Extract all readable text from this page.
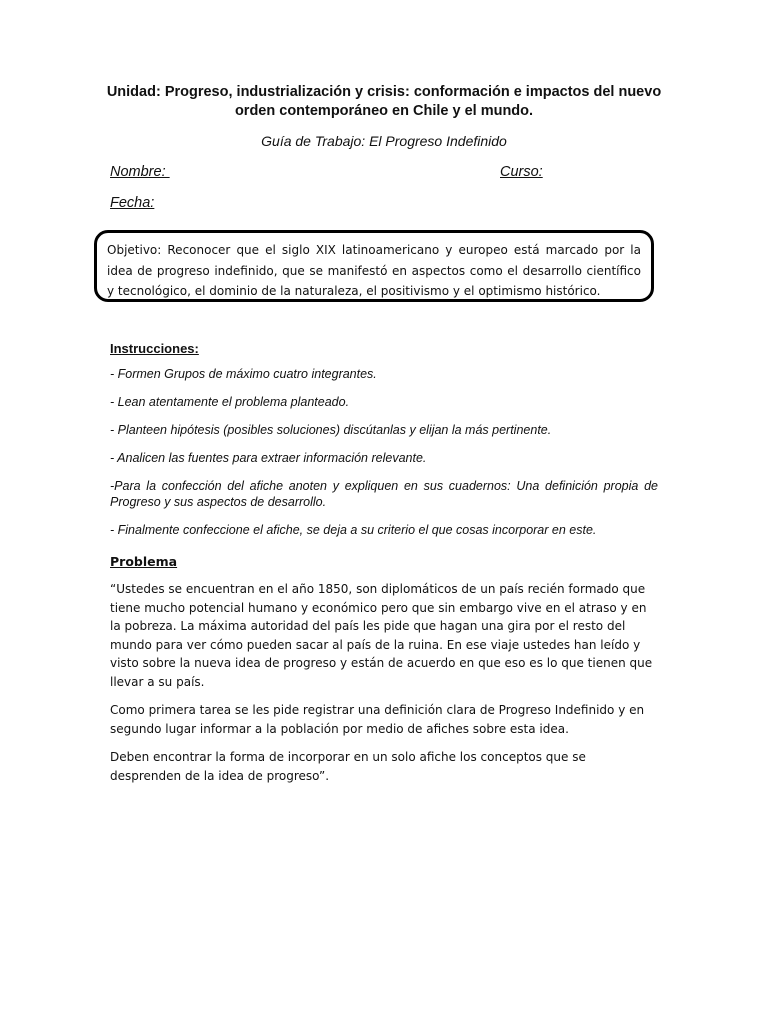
Unidad: Progreso, industrialización y crisis: conformación e impactos del nuevo orden contemporáneo en Chile y el mundo.
Guía de Trabajo: El Progreso Indefinido
Nombre:	Curso:
Fecha:
Objetivo: Reconocer que el siglo XIX latinoamericano y europeo está marcado por la idea de progreso indefinido, que se manifestó en aspectos como el desarrollo científico y tecnológico, el dominio de la naturaleza, el positivismo y el optimismo histórico.
Instrucciones:
- Formen Grupos de máximo cuatro integrantes.
- Lean atentamente el problema planteado.
- Planteen hipótesis (posibles soluciones) discútanlas y elijan la más pertinente.
- Analicen las fuentes para extraer información relevante.
-Para la confección del afiche anoten y expliquen en sus cuadernos: Una definición propia de Progreso y sus aspectos de desarrollo.
- Finalmente confeccione el afiche, se deja a su criterio el que cosas incorporar en este.
Problema

“Ustedes se encuentran en el año 1850, son diplomáticos de un país recién formado que tiene mucho potencial humano y económico pero que sin embargo vive en el atraso y en la pobreza. La máxima autoridad del país les pide que hagan una gira por el resto del mundo para ver cómo pueden sacar al país de la ruina. En ese viaje ustedes han leído y visto sobre la nueva idea de progreso y están de acuerdo en que eso es lo que tienen que llevar a su país.

Como primera tarea se les pide registrar una definición clara de Progreso Indefinido y en segundo lugar informar a la población por medio de afiches sobre esta idea.

Deben encontrar la forma de incorporar en un solo afiche los conceptos que se desprenden de la idea de progreso”.
